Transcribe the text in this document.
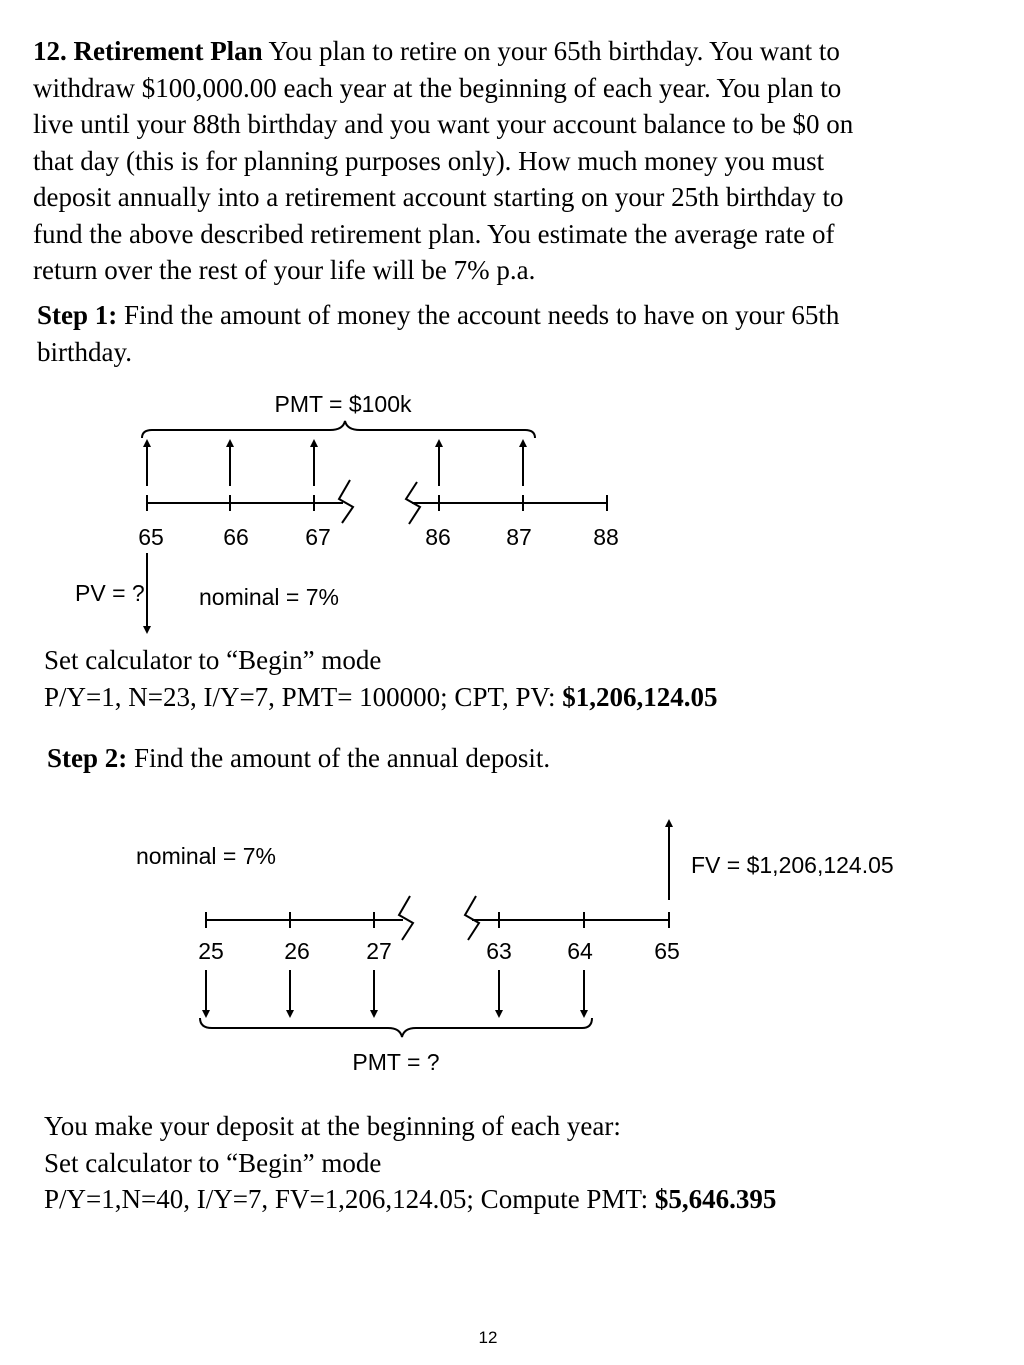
12. Retirement Plan You plan to retire on your 65th birthday. You want to
withdraw $100,000.00 each year at the beginning of each year. You plan to
live until your 88th birthday and you want your account balance to be $0 on
that day (this is for planning purposes only). How much money you must
deposit annually into a retirement account starting on your 25th birthday to
fund the above described retirement plan. You estimate the average rate of
return over the rest of your life will be 7% p.a.
Step 1: Find the amount of money the account needs to have on your 65th
birthday.
PMT = $100k
65	66 67	86 87	88
PV = ? nominal = 7%
Set calculator to “Begin” mode
P/Y=1, N=23, I/Y=7, PMT= 100000; CPT, PV: $1,206,124.05
Step 2: Find the amount of the annual deposit.
nominal = 7%	FV = $1,206,124.05
25	26 27	63 64	65
PMT = ?
You make your deposit at the beginning of each year:
Set calculator to “Begin” mode
P/Y=1,N=40, I/Y=7, FV=1,206,124.05; Compute PMT: $5,646.395
12
